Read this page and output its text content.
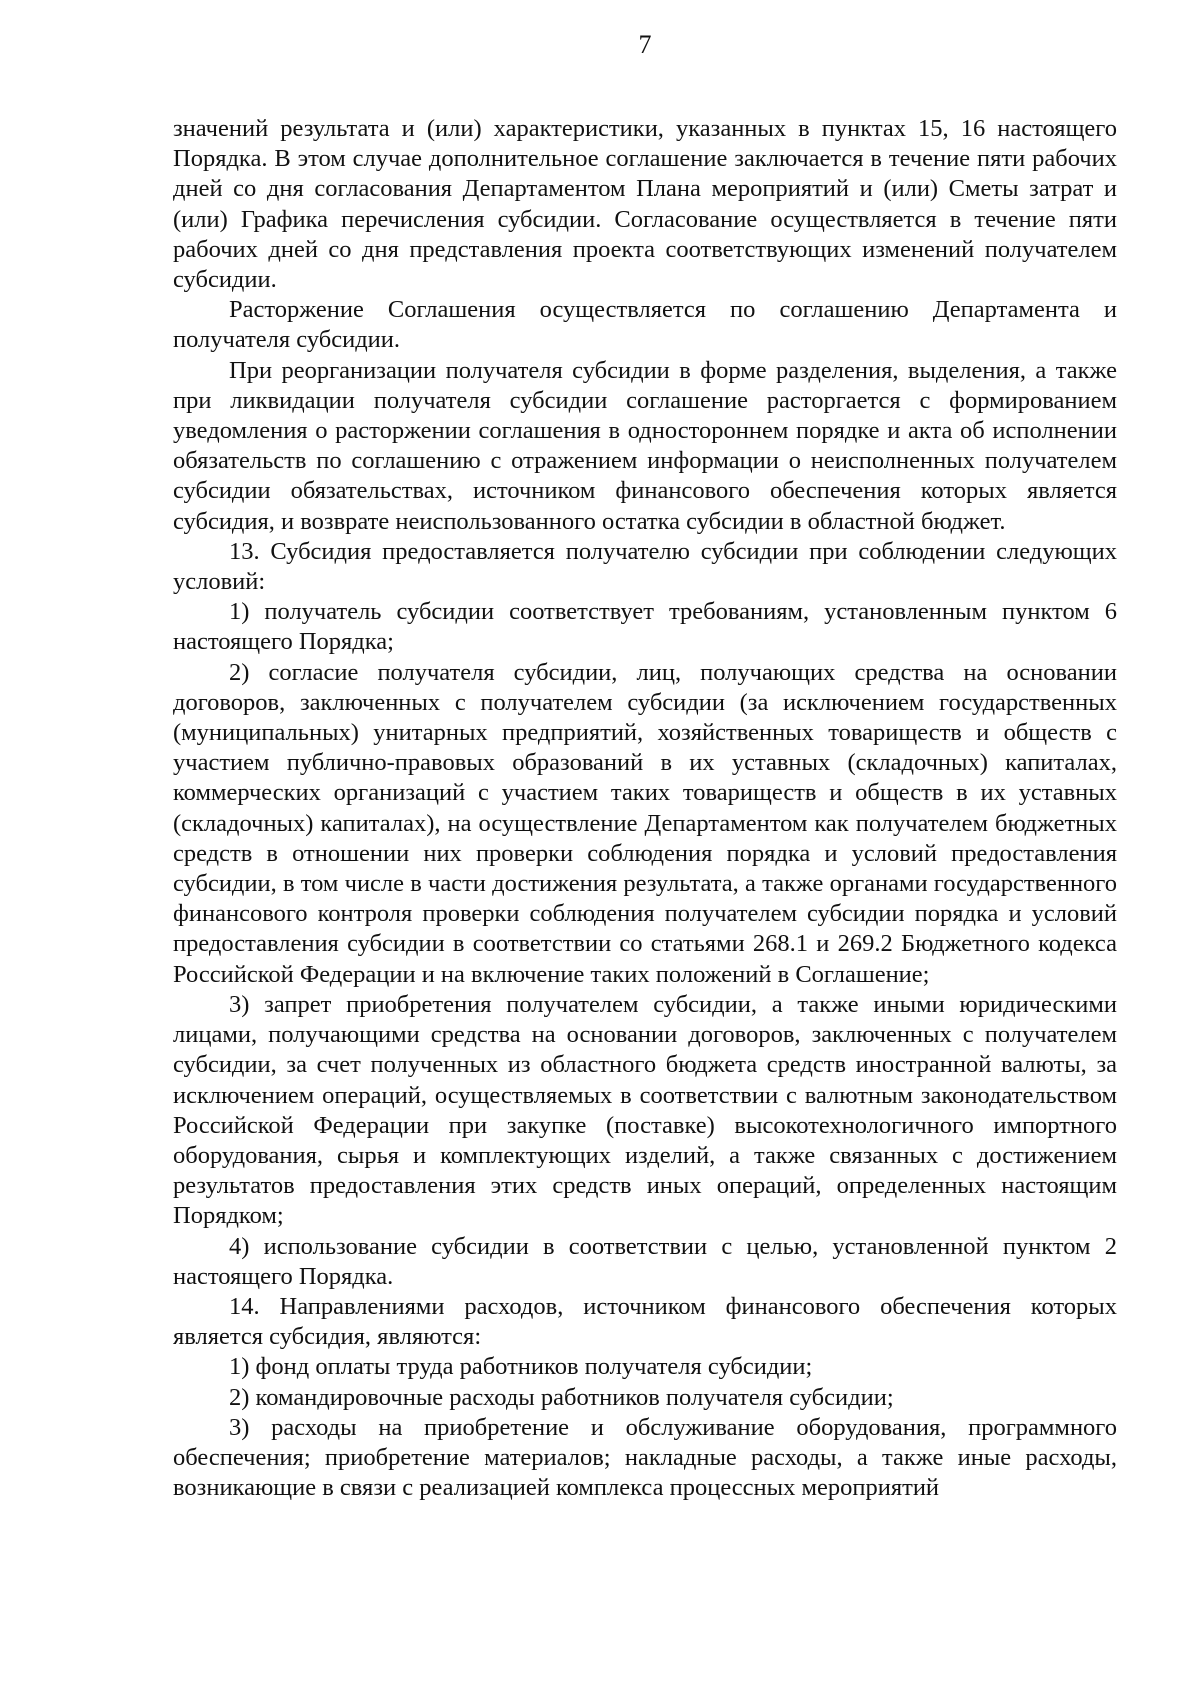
7

значений результата и (или) характеристики, указанных в пунктах 15, 16 настоящего Порядка. В этом случае дополнительное соглашение заключается в течение пяти рабочих дней со дня согласования Департаментом Плана мероприятий и (или) Сметы затрат и (или) Графика перечисления субсидии. Согласование осуществляется в течение пяти рабочих дней со дня представления проекта соответствующих изменений получателем субсидии.

Расторжение Соглашения осуществляется по соглашению Департамента и получателя субсидии.

При реорганизации получателя субсидии в форме разделения, выделения, а также при ликвидации получателя субсидии соглашение расторгается с формированием уведомления о расторжении соглашения в одностороннем порядке и акта об исполнении обязательств по соглашению с отражением информации о неисполненных получателем субсидии обязательствах, источником финансового обеспечения которых является субсидия, и возврате неиспользованного остатка субсидии в областной бюджет.

13. Субсидия предоставляется получателю субсидии при соблюдении следующих условий:

1) получатель субсидии соответствует требованиям, установленным пунктом 6 настоящего Порядка;

2) согласие получателя субсидии, лиц, получающих средства на основании договоров, заключенных с получателем субсидии (за исключением государственных (муниципальных) унитарных предприятий, хозяйственных товариществ и обществ с участием публично-правовых образований в их уставных (складочных) капиталах, коммерческих организаций с участием таких товариществ и обществ в их уставных (складочных) капиталах), на осуществление Департаментом как получателем бюджетных средств в отношении них проверки соблюдения порядка и условий предоставления субсидии, в том числе в части достижения результата, а также органами государственного финансового контроля проверки соблюдения получателем субсидии порядка и условий предоставления субсидии в соответствии со статьями 268.1 и 269.2 Бюджетного кодекса Российской Федерации и на включение таких положений в Соглашение;

3) запрет приобретения получателем субсидии, а также иными юридическими лицами, получающими средства на основании договоров, заключенных с получателем субсидии, за счет полученных из областного бюджета средств иностранной валюты, за исключением операций, осуществляемых в соответствии с валютным законодательством Российской Федерации при закупке (поставке) высокотехнологичного импортного оборудования, сырья и комплектующих изделий, а также связанных с достижением результатов предоставления этих средств иных операций, определенных настоящим Порядком;

4) использование субсидии в соответствии с целью, установленной пунктом 2 настоящего Порядка.

14. Направлениями расходов, источником финансового обеспечения которых является субсидия, являются:

1) фонд оплаты труда работников получателя субсидии;

2) командировочные расходы работников получателя субсидии;

3) расходы на приобретение и обслуживание оборудования, программного обеспечения; приобретение материалов; накладные расходы, а также иные расходы, возникающие в связи с реализацией комплекса процессных мероприятий
